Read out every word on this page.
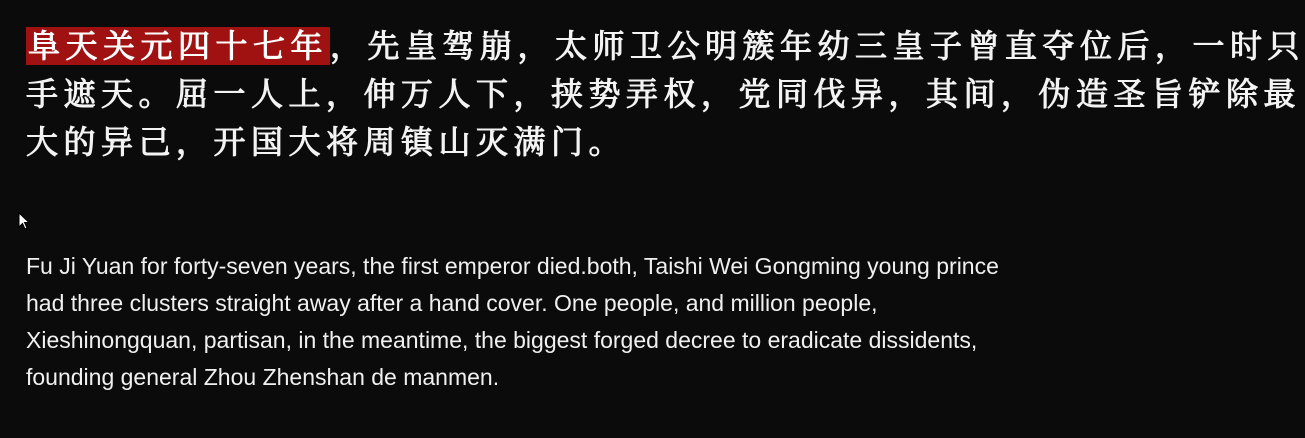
阜天关元四十七年，先皇驾崩，太师卫公明簇年幼三皇子曾直夺位后，一时只
手遮天。屈一人上，伸万人下，挟势弄权，党同伐异，其间，伪造圣旨铲除最
大的异己，开国大将周镇山灭满门。
Fu Ji Yuan for forty-seven years, the first emperor died.both, Taishi Wei Gongming young prince
had three clusters straight away after a hand cover. One people, and million people,
Xieshinongquan, partisan, in the meantime, the biggest forged decree to eradicate dissidents,
founding general Zhou Zhenshan de manmen.
